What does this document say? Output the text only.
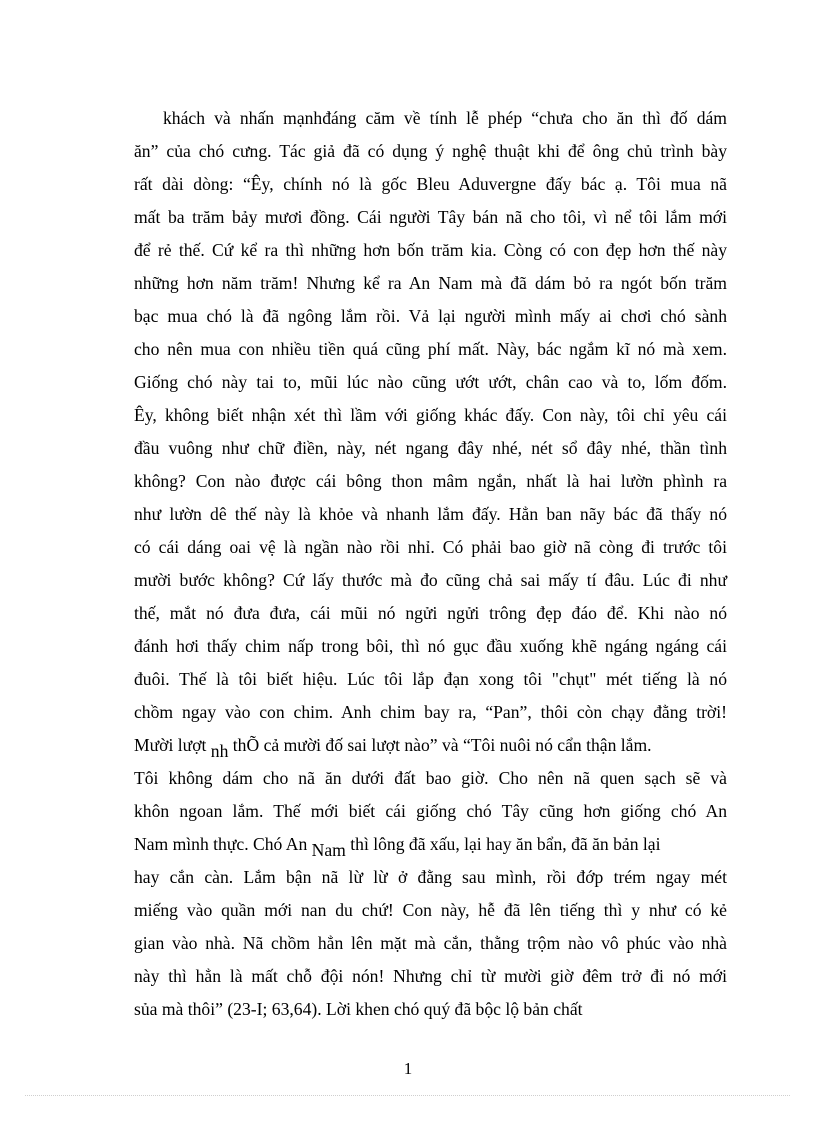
khách và nhấn mạnhđáng căm về tính lễ phép “chưa cho ăn thì đố dám
ăn” của chó cưng. Tác giả đã có dụng ý nghệ thuật khi để ông chủ trình bày
rất dài dòng: “Êy, chính nó là gốc Bleu Aduvergne đấy bác ạ. Tôi mua nã
mất ba trăm bảy mươi đồng. Cái người Tây bán nã cho tôi, vì nể tôi lắm mới
để rẻ thế. Cứ kể ra thì những hơn bốn trăm kia. Còng có con đẹp hơn thế này
những hơn năm trăm! Nhưng kể ra An Nam mà đã dám bỏ ra ngót bốn trăm
bạc mua chó là đã ngông lắm rồi. Vả lại người mình mấy ai chơi chó sành
cho nên mua con nhiều tiền quá cũng phí mất. Này, bác ngắm kĩ nó mà xem.
Giống chó này tai to, mũi lúc nào cũng ướt ướt, chân cao và to, lốm đốm.
Êy, không biết nhận xét thì lầm với giống khác đấy. Con này, tôi chỉ yêu cái
đầu vuông như chữ điền, này, nét ngang đây nhé, nét sổ đây nhé, thần tình
không? Con nào được cái bông thon mâm ngắn, nhất là hai lườn phình ra
như lườn dê thế này là khỏe và nhanh lắm đấy. Hẳn ban nãy bác đã thấy nó
có cái dáng oai vệ là ngần nào rồi nhỉ. Có phải bao giờ nã còng đi trước tôi
mười bước không? Cứ lấy thước mà đo cũng chả sai mấy tí đâu. Lúc đi như
thế, mắt nó đưa đưa, cái mũi nó ngửi ngửi trông đẹp đáo để. Khi nào nó
đánh hơi thấy chim nấp trong bôi, thì nó gục đầu xuống khẽ ngáng ngáng cái
đuôi. Thế là tôi biết hiệu. Lúc tôi lắp đạn xong tôi "chụt" mét tiếng là nó
chồm ngay vào con chim. Anh chim bay ra, “Pan”, thôi còn chạy đằng trời!
Mười lượt nh thÕ cả mười đố sai lượt nào” và “Tôi nuôi nó cẩn thận lắm.
Tôi không dám cho nã ăn dưới đất bao giờ. Cho nên nã quen sạch sẽ và
khôn ngoan lắm. Thế mới biết cái giống chó Tây cũng hơn giống chó An
Nam mình thực. Chó An Nam thì lông đã xấu, lại hay ăn bẩn, đã ăn bản lại
hay cắn càn. Lắm bận nã lừ lừ ở đằng sau mình, rồi đớp trém ngay mét
miếng vào quần mới nan du chứ! Con này, hễ đã lên tiếng thì y như có kẻ
gian vào nhà. Nã chồm hẳn lên mặt mà cắn, thằng trộm nào vô phúc vào nhà
này thì hẳn là mất chỗ đội nón! Nhưng chỉ từ mười giờ đêm trở đi nó mới
sủa mà thôi” (23-I; 63,64). Lời khen chó quý đã bộc lộ bản chất
1
